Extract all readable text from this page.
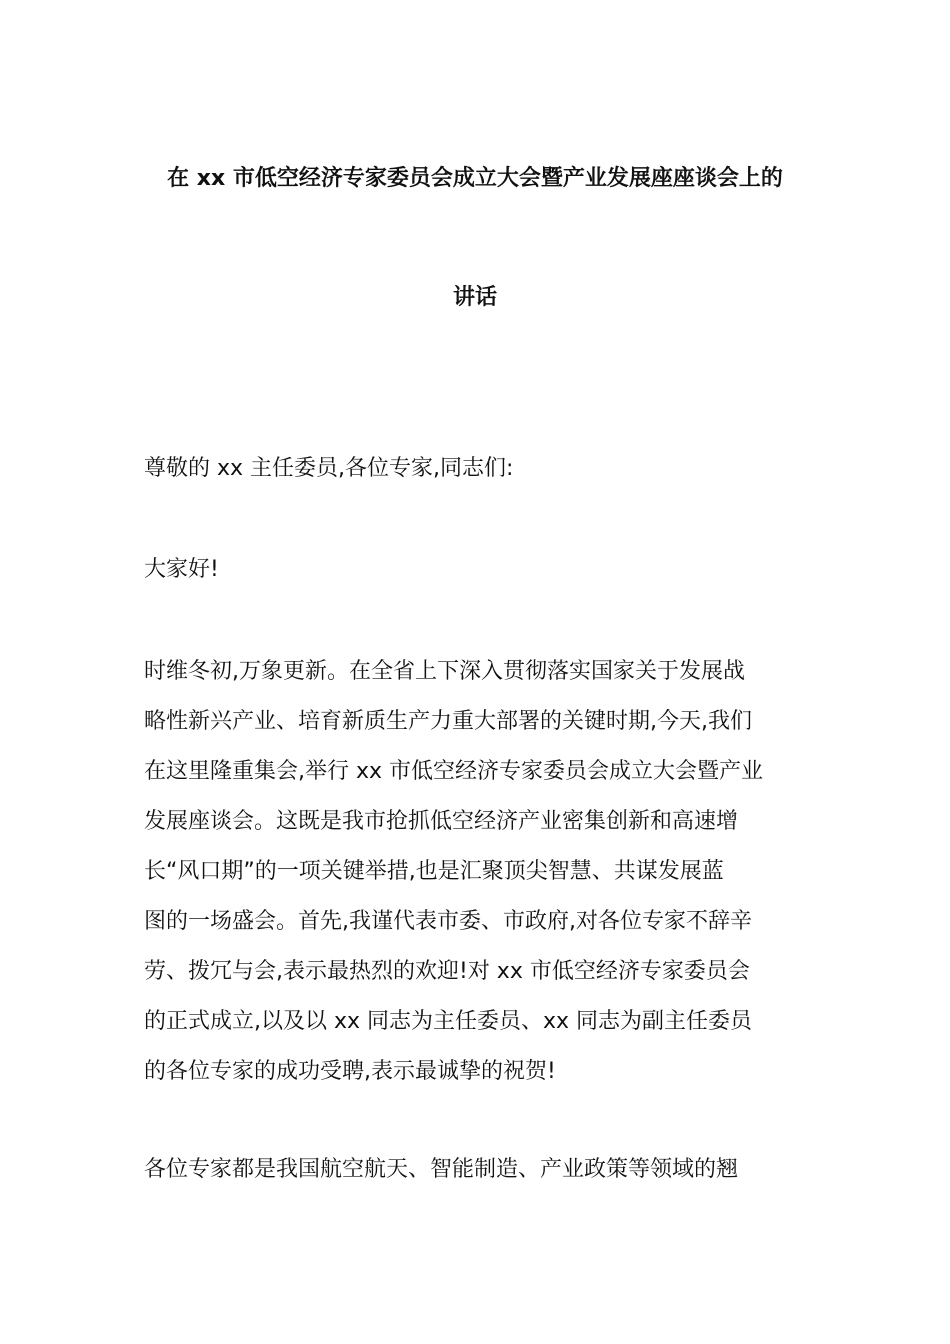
在 xx 市低空经济专家委员会成立大会暨产业发展座座谈会上的
讲话
尊敬的 xx 主任委员,各位专家,同志们:
大家好!
时维冬初,万象更新。在全省上下深入贯彻落实国家关于发展战
略性新兴产业、培育新质生产力重大部署的关键时期,今天,我们
在这里隆重集会,举行 xx 市低空经济专家委员会成立大会暨产业
发展座谈会。这既是我市抢抓低空经济产业密集创新和高速增
长“风口期”的一项关键举措,也是汇聚顶尖智慧、共谋发展蓝
图的一场盛会。首先,我谨代表市委、市政府,对各位专家不辞辛
劳、拨冗与会,表示最热烈的欢迎!对 xx 市低空经济专家委员会
的正式成立,以及以 xx 同志为主任委员、xx 同志为副主任委员
的各位专家的成功受聘,表示最诚挚的祝贺!
各位专家都是我国航空航天、智能制造、产业政策等领域的翘
